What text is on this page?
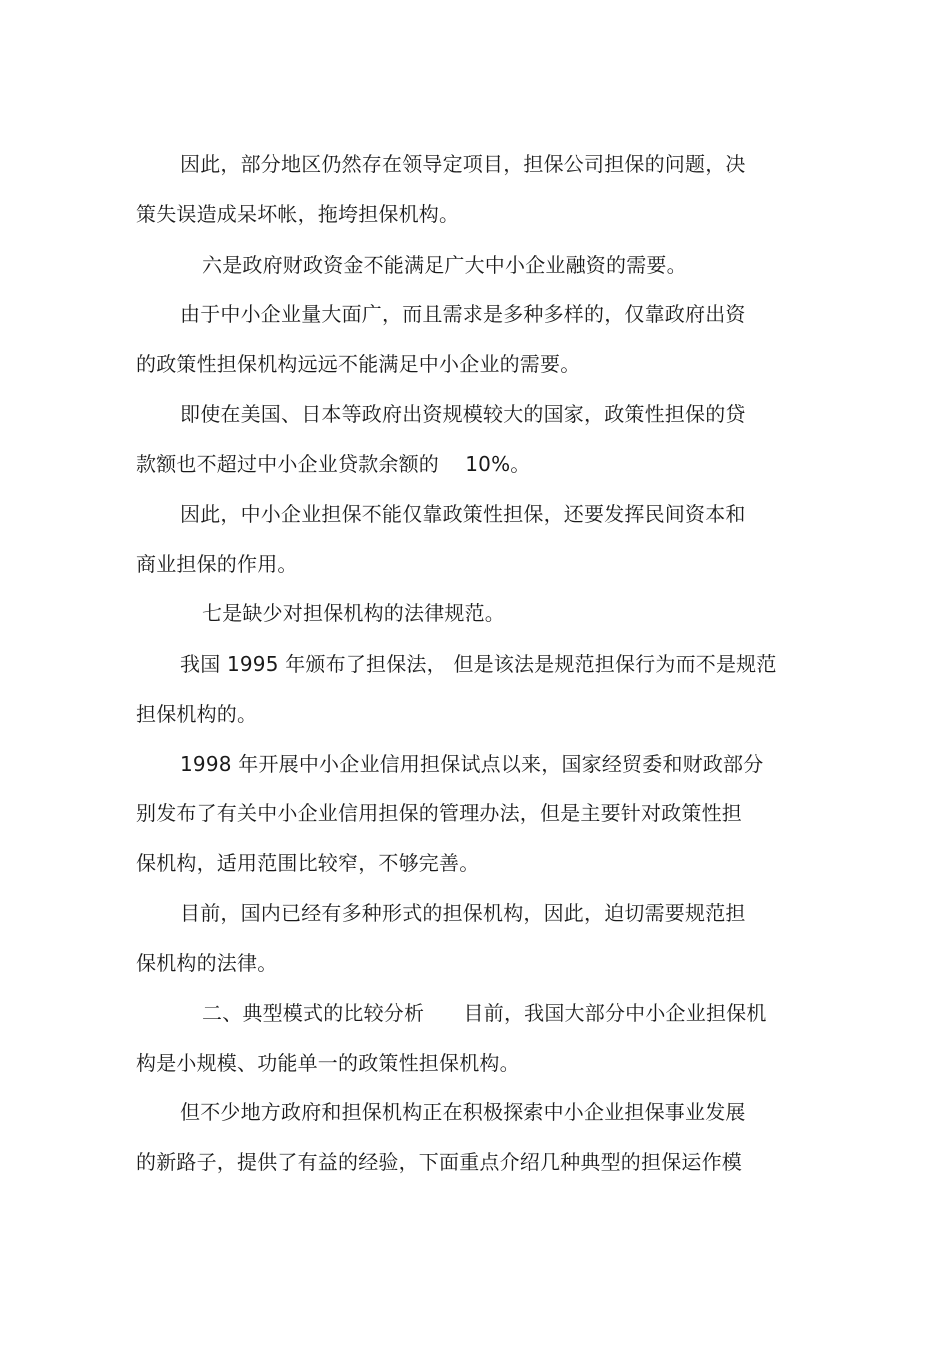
因此，部分地区仍然存在领导定项目，担保公司担保的问题，决
策失误造成呆坏帐，拖垮担保机构。
六是政府财政资金不能满足广大中小企业融资的需要。
由于中小企业量大面广，而且需求是多种多样的，仅靠政府出资
的政策性担保机构远远不能满足中小企业的需要。
即使在美国、日本等政府出资规模较大的国家，政策性担保的贷
款额也不超过中小企业贷款余额的    10%。
因此，中小企业担保不能仅靠政策性担保，还要发挥民间资本和
商业担保的作用。
七是缺少对担保机构的法律规范。
我国 1995 年颁布了担保法， 但是该法是规范担保行为而不是规范
担保机构的。
1998 年开展中小企业信用担保试点以来，国家经贸委和财政部分
别发布了有关中小企业信用担保的管理办法，但是主要针对政策性担
保机构，适用范围比较窄，不够完善。
目前，国内已经有多种形式的担保机构，因此，迫切需要规范担
保机构的法律。
二、典型模式的比较分析      目前，我国大部分中小企业担保机
构是小规模、功能单一的政策性担保机构。
但不少地方政府和担保机构正在积极探索中小企业担保事业发展
的新路子，提供了有益的经验，下面重点介绍几种典型的担保运作模
